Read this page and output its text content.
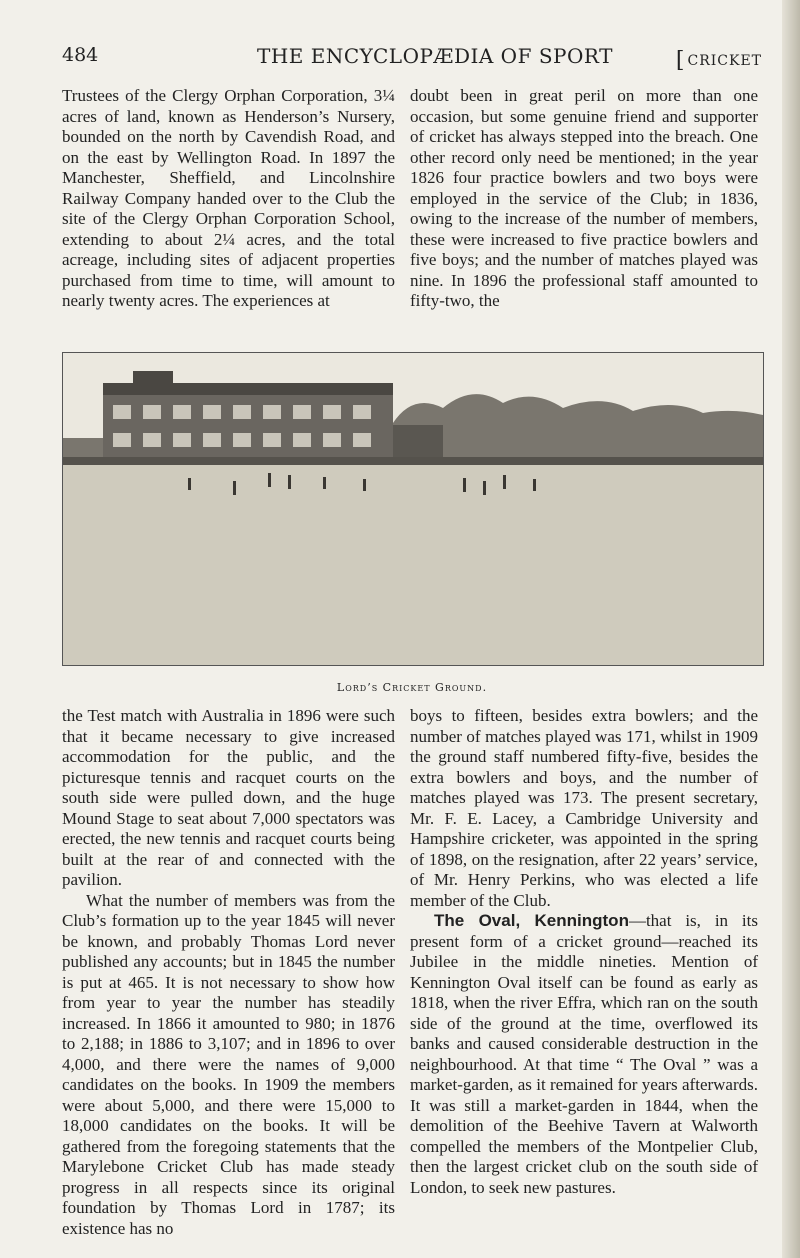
484	THE ENCYCLOPÆDIA OF SPORT
[	CRICKET

Trustees of the Clergy Orphan Corporation, 3¼ acres of land, known as Henderson’s Nursery, bounded on the north by Cavendish Road, and on the east by Wellington Road. In 1897 the Manchester, Sheffield, and Lincolnshire Railway Company handed over to the Club the site of the Clergy Orphan Corporation School, extending to about 2¼ acres, and the total acreage, including sites of adjacent properties purchased from time to time, will amount to nearly twenty acres. The experiences at

doubt been in great peril on more than one occasion, but some genuine friend and supporter of cricket has always stepped into the breach. One other record only need be mentioned; in the year 1826 four practice bowlers and two boys were employed in the service of the Club; in 1836, owing to the increase of the number of members, these were increased to five practice bowlers and five boys; and the number of matches played was nine. In 1896 the professional staff amounted to fifty-two, the

Lord’s Cricket Ground.

the Test match with Australia in 1896 were such that it became necessary to give increased accommodation for the public, and the picturesque tennis and racquet courts on the south side were pulled down, and the huge Mound Stage to seat about 7,000 spectators was erected, the new tennis and racquet courts being built at the rear of and connected with the pavilion.

What the number of members was from the Club’s formation up to the year 1845 will never be known, and probably Thomas Lord never published any accounts; but in 1845 the number is put at 465. It is not necessary to show how from year to year the number has steadily increased. In 1866 it amounted to 980; in 1876 to 2,188; in 1886 to 3,107; and in 1896 to over 4,000, and there were the names of 9,000 candidates on the books. In 1909 the members were about 5,000, and there were 15,000 to 18,000 candidates on the books. It will be gathered from the foregoing statements that the Marylebone Cricket Club has made steady progress in all respects since its original foundation by Thomas Lord in 1787; its existence has no

boys to fifteen, besides extra bowlers; and the number of matches played was 171, whilst in 1909 the ground staff numbered fifty-five, besides the extra bowlers and boys, and the number of matches played was 173. The present secretary, Mr. F. E. Lacey, a Cambridge University and Hampshire cricketer, was appointed in the spring of 1898, on the resignation, after 22 years’ service, of Mr. Henry Perkins, who was elected a life member of the Club.

The Oval, Kennington—that is, in its present form of a cricket ground—reached its Jubilee in the middle nineties. Mention of Kennington Oval itself can be found as early as 1818, when the river Effra, which ran on the south side of the ground at the time, overflowed its banks and caused considerable destruction in the neighbourhood. At that time “ The Oval ” was a market-garden, as it remained for years afterwards. It was still a market-garden in 1844, when the demolition of the Beehive Tavern at Walworth compelled the members of the Montpelier Club, then the largest cricket club on the south side of London, to seek new pastures.
